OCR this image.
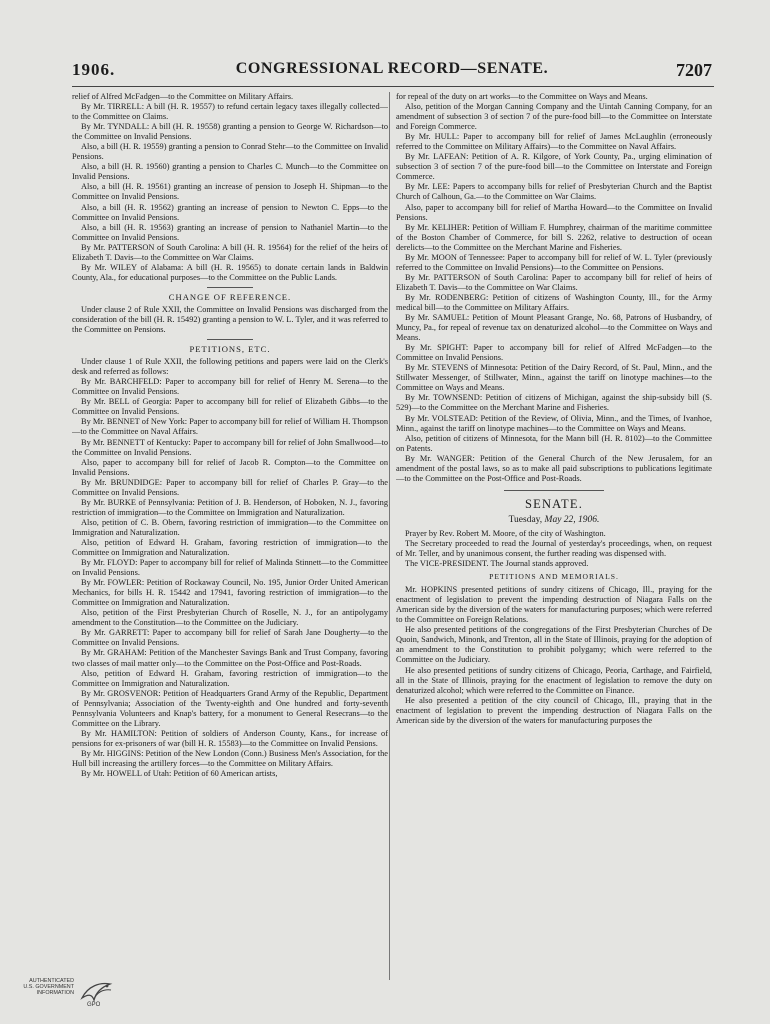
1906.	CONGRESSIONAL RECORD—SENATE.	7207

relief of Alfred McFadgen—to the Committee on Military Affairs.

By Mr. TIRRELL: A bill (H. R. 19557) to refund certain legacy taxes illegally collected—to the Committee on Claims.

By Mr. TYNDALL: A bill (H. R. 19558) granting a pension to George W. Richardson—to the Committee on Invalid Pensions.

Also, a bill (H. R. 19559) granting a pension to Conrad Stehr—to the Committee on Invalid Pensions.

Also, a bill (H. R. 19560) granting a pension to Charles C. Munch—to the Committee on Invalid Pensions.

Also, a bill (H. R. 19561) granting an increase of pension to Joseph H. Shipman—to the Committee on Invalid Pensions.

Also, a bill (H. R. 19562) granting an increase of pension to Newton C. Epps—to the Committee on Invalid Pensions.

Also, a bill (H. R. 19563) granting an increase of pension to Nathaniel Martin—to the Committee on Invalid Pensions.

By Mr. PATTERSON of South Carolina: A bill (H. R. 19564) for the relief of the heirs of Elizabeth T. Davis—to the Committee on War Claims.

By Mr. WILEY of Alabama: A bill (H. R. 19565) to donate certain lands in Baldwin County, Ala., for educational purposes—to the Committee on the Public Lands.

CHANGE OF REFERENCE.

Under clause 2 of Rule XXII, the Committee on Invalid Pensions was discharged from the consideration of the bill (H. R. 15492) granting a pension to W. L. Tyler, and it was referred to the Committee on Pensions.

PETITIONS, ETC.

Under clause 1 of Rule XXII, the following petitions and papers were laid on the Clerk's desk and referred as follows:

By Mr. BARCHFELD: Paper to accompany bill for relief of Henry M. Serena—to the Committee on Invalid Pensions.

By Mr. BELL of Georgia: Paper to accompany bill for relief of Elizabeth Gibbs—to the Committee on Invalid Pensions.

By Mr. BENNET of New York: Paper to accompany bill for relief of William H. Thompson—to the Committee on Naval Affairs.

By Mr. BENNETT of Kentucky: Paper to accompany bill for relief of John Smallwood—to the Committee on Invalid Pensions.

Also, paper to accompany bill for relief of Jacob R. Compton—to the Committee on Invalid Pensions.

By Mr. BRUNDIDGE: Paper to accompany bill for relief of Charles P. Gray—to the Committee on Invalid Pensions.

By Mr. BURKE of Pennsylvania: Petition of J. B. Henderson, of Hoboken, N. J., favoring restriction of immigration—to the Committee on Immigration and Naturalization.

Also, petition of C. B. Obern, favoring restriction of immigration—to the Committee on Immigration and Naturalization.

Also, petition of Edward H. Graham, favoring restriction of immigration—to the Committee on Immigration and Naturalization.

By Mr. FLOYD: Paper to accompany bill for relief of Malinda Stinnett—to the Committee on Invalid Pensions.

By Mr. FOWLER: Petition of Rockaway Council, No. 195, Junior Order United American Mechanics, for bills H. R. 15442 and 17941, favoring restriction of immigration—to the Committee on Immigration and Naturalization.

Also, petition of the First Presbyterian Church of Roselle, N. J., for an antipolygamy amendment to the Constitution—to the Committee on the Judiciary.

By Mr. GARRETT: Paper to accompany bill for relief of Sarah Jane Dougherty—to the Committee on Invalid Pensions.

By Mr. GRAHAM: Petition of the Manchester Savings Bank and Trust Company, favoring two classes of mail matter only—to the Committee on the Post-Office and Post-Roads.

Also, petition of Edward H. Graham, favoring restriction of immigration—to the Committee on Immigration and Naturalization.

By Mr. GROSVENOR: Petition of Headquarters Grand Army of the Republic, Department of Pennsylvania; Association of the Twenty-eighth and One hundred and forty-seventh Pennsylvania Volunteers and Knap's battery, for a monument to General Resecrans—to the Committee on the Library.

By Mr. HAMILTON: Petition of soldiers of Anderson County, Kans., for increase of pensions for ex-prisoners of war (bill H. R. 15583)—to the Committee on Invalid Pensions.

By Mr. HIGGINS: Petition of the New London (Conn.) Business Men's Association, for the Hull bill increasing the artillery forces—to the Committee on Military Affairs.

By Mr. HOWELL of Utah: Petition of 60 American artists,

for repeal of the duty on art works—to the Committee on Ways and Means.

Also, petition of the Morgan Canning Company and the Uintah Canning Company, for an amendment of subsection 3 of section 7 of the pure-food bill—to the Committee on Interstate and Foreign Commerce.

By Mr. HULL: Paper to accompany bill for relief of James McLaughlin (erroneously referred to the Committee on Military Affairs)—to the Committee on Naval Affairs.

By Mr. LAFEAN: Petition of A. R. Kilgore, of York County, Pa., urging elimination of subsection 3 of section 7 of the pure-food bill—to the Committee on Interstate and Foreign Commerce.

By Mr. LEE: Papers to accompany bills for relief of Presbyterian Church and the Baptist Church of Calhoun, Ga.—to the Committee on War Claims.

Also, paper to accompany bill for relief of Martha Howard—to the Committee on Invalid Pensions.

By Mr. KELIHER: Petition of William F. Humphrey, chairman of the maritime committee of the Boston Chamber of Commerce, for bill S. 2262, relative to destruction of ocean derelicts—to the Committee on the Merchant Marine and Fisheries.

By Mr. MOON of Tennessee: Paper to accompany bill for relief of W. L. Tyler (previously referred to the Committee on Invalid Pensions)—to the Committee on Pensions.

By Mr. PATTERSON of South Carolina: Paper to accompany bill for relief of heirs of Elizabeth T. Davis—to the Committee on War Claims.

By Mr. RODENBERG: Petition of citizens of Washington County, Ill., for the Army medical bill—to the Committee on Military Affairs.

By Mr. SAMUEL: Petition of Mount Pleasant Grange, No. 68, Patrons of Husbandry, of Muncy, Pa., for repeal of revenue tax on denaturized alcohol—to the Committee on Ways and Means.

By Mr. SPIGHT: Paper to accompany bill for relief of Alfred McFadgen—to the Committee on Invalid Pensions.

By Mr. STEVENS of Minnesota: Petition of the Dairy Record, of St. Paul, Minn., and the Stillwater Messenger, of Stillwater, Minn., against the tariff on linotype machines—to the Committee on Ways and Means.

By Mr. TOWNSEND: Petition of citizens of Michigan, against the ship-subsidy bill (S. 529)—to the Committee on the Merchant Marine and Fisheries.

By Mr. VOLSTEAD: Petition of the Review, of Olivia, Minn., and the Times, of Ivanhoe, Minn., against the tariff on linotype machines—to the Committee on Ways and Means.

Also, petition of citizens of Minnesota, for the Mann bill (H. R. 8102)—to the Committee on Patents.

By Mr. WANGER: Petition of the General Church of the New Jerusalem, for an amendment of the postal laws, so as to make all paid subscriptions to publications legitimate—to the Committee on the Post-Office and Post-Roads.

SENATE.
Tuesday, May 22, 1906.

Prayer by Rev. Robert M. Moore, of the city of Washington.

The Secretary proceeded to read the Journal of yesterday's proceedings, when, on request of Mr. Teller, and by unanimous consent, the further reading was dispensed with.

The VICE-PRESIDENT. The Journal stands approved.

PETITIONS AND MEMORIALS.

Mr. HOPKINS presented petitions of sundry citizens of Chicago, Ill., praying for the enactment of legislation to prevent the impending destruction of Niagara Falls on the American side by the diversion of the waters for manufacturing purposes; which were referred to the Committee on Foreign Relations.

He also presented petitions of the congregations of the First Presbyterian Churches of De Quoin, Sandwich, Minonk, and Trenton, all in the State of Illinois, praying for the adoption of an amendment to the Constitution to prohibit polygamy; which were referred to the Committee on the Judiciary.

He also presented petitions of sundry citizens of Chicago, Peoria, Carthage, and Fairfield, all in the State of Illinois, praying for the enactment of legislation to remove the duty on denaturized alcohol; which were referred to the Committee on Finance.

He also presented a petition of the city council of Chicago, Ill., praying that in the enactment of legislation to prevent the impending destruction of Niagara Falls on the American side by the diversion of the waters for manufacturing purposes the

AUTHENTICATED
U.S. GOVERNMENT
INFORMATION
GPO
